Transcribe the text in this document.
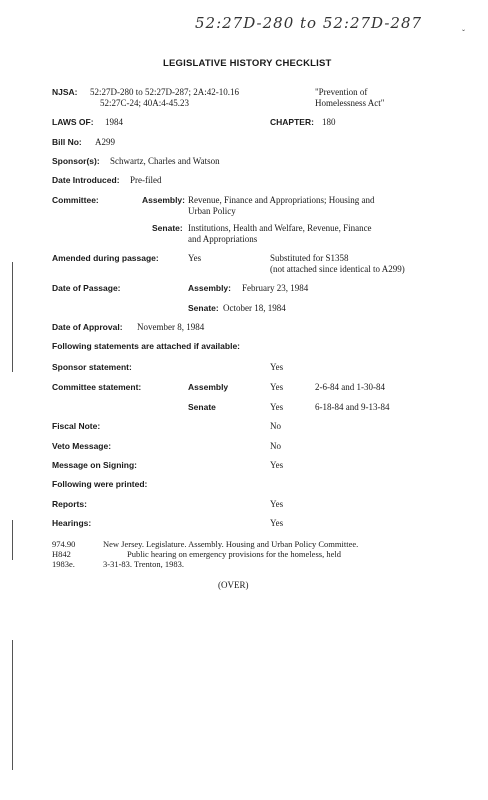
52:27D-280 to 52:27D-287
ˇ
LEGISLATIVE HISTORY CHECKLIST
NJSA: 52:27D-280 to 52:27D-287; 2A:42-10.16
52:27C-24; 40A:4-45.23
"Prevention of
Homelessness Act"
LAWS OF: 1984	CHAPTER: 180
Bill No: A299
Sponsor(s): Schwartz, Charles and Watson
Date Introduced: Pre-filed
Committee:	Assembly: Revenue, Finance and Appropriations; Housing and
Urban Policy
Senate: Institutions, Health and Welfare, Revenue, Finance
and Appropriations
Amended during passage:	Yes	Substituted for S1358
(not attached since identical to A299)
Date of Passage:	Assembly: February 23, 1984
Senate: October 18, 1984
Date of Approval: November 8, 1984
Following statements are attached if available:
Sponsor statement:	Yes
Committee statement:	Assembly	Yes	2-6-84 and 1-30-84
Senate	Yes	6-18-84 and 9-13-84
Fiscal Note:	No
Veto Message:	No
Message on Signing:	Yes
Following were printed:
Reports:	Yes
Hearings:	Yes
974.90
H842
1983e.
New Jersey. Legislature. Assembly. Housing and Urban Policy Committee.
Public hearing on emergency provisions for the homeless, held
3-31-83. Trenton, 1983.
(OVER)
